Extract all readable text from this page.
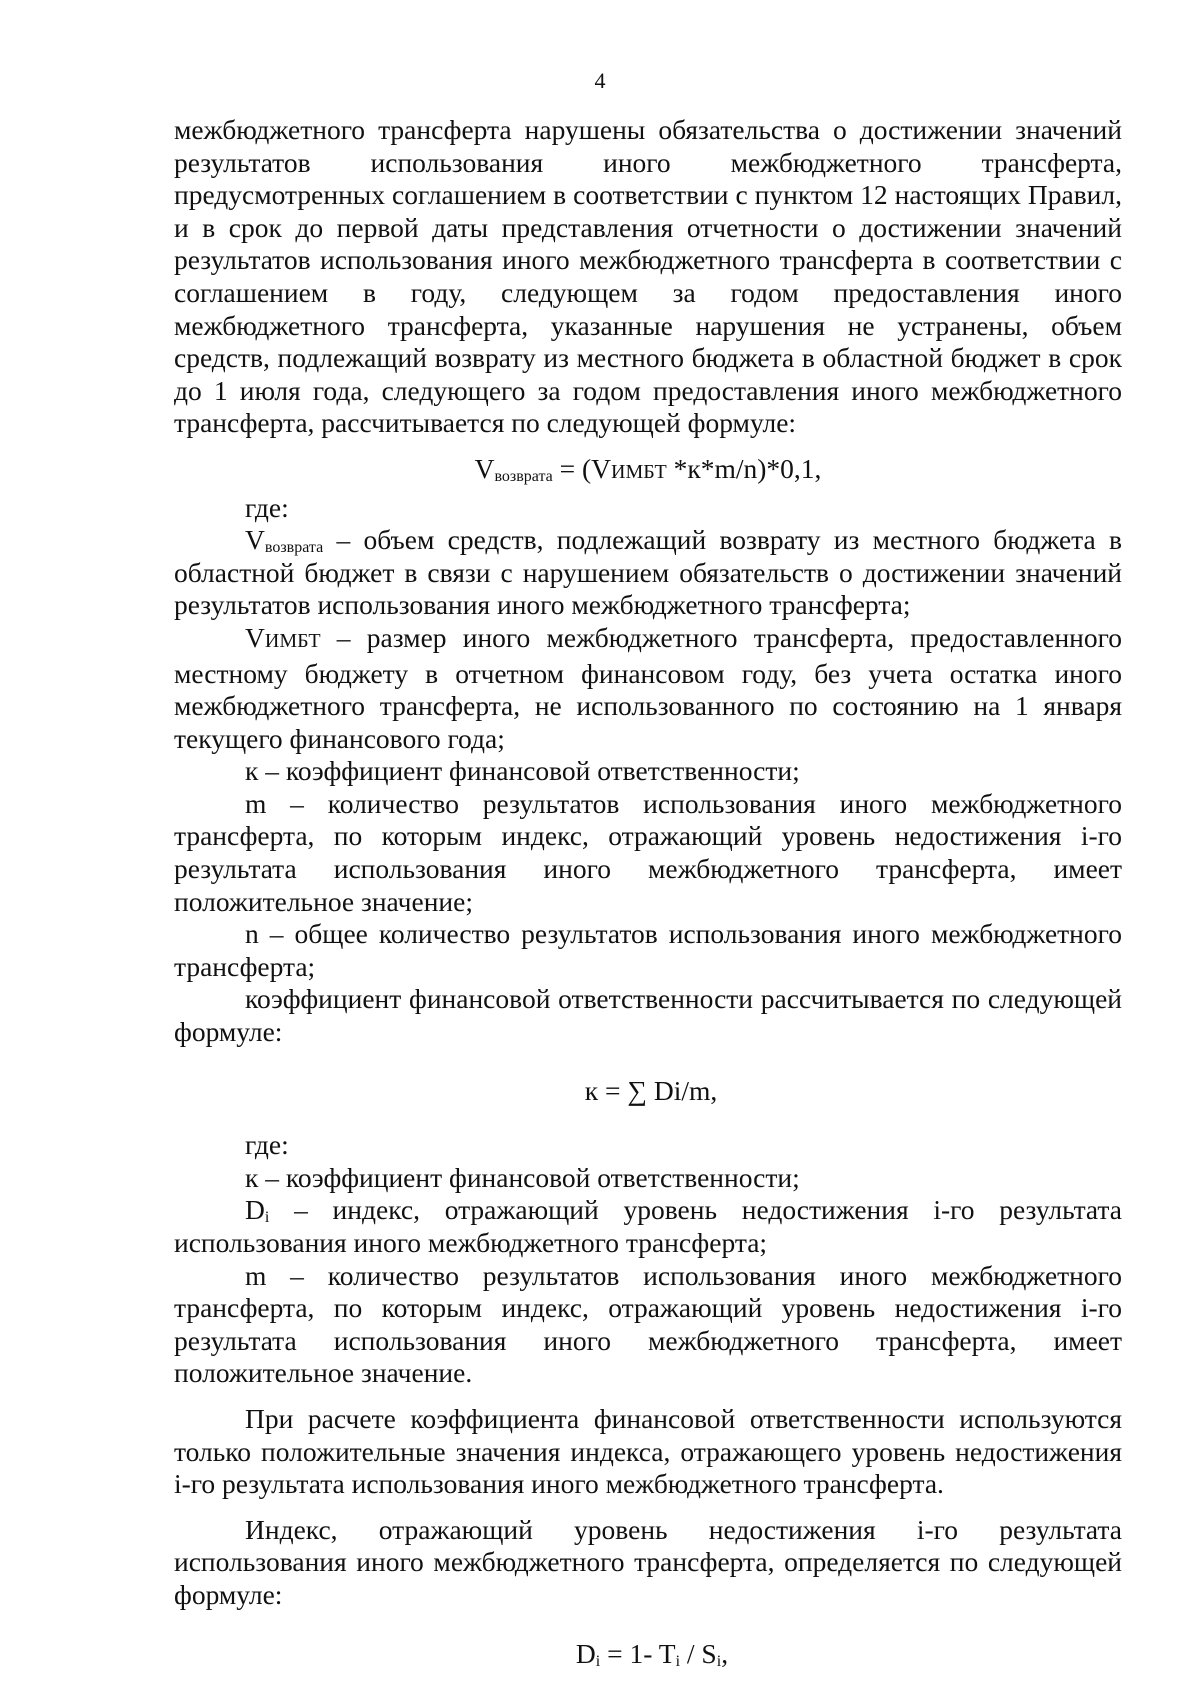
4

межбюджетного трансферта нарушены обязательства о достижении значений результатов использования иного межбюджетного трансферта, предусмотренных соглашением в соответствии с пунктом 12 настоящих Правил, и в срок до первой даты представления отчетности о достижении значений результатов использования иного межбюджетного трансферта в соответствии с соглашением в году, следующем за годом предоставления иного межбюджетного трансферта, указанные нарушения не устранены, объем средств, подлежащий возврату из местного бюджета в областной бюджет в срок до 1 июля года, следующего за годом предоставления иного межбюджетного трансферта, рассчитывается по следующей формуле:

Vвозврата = (VИМБТ *к*m/n)*0,1,

где:

Vвозврата – объем средств, подлежащий возврату из местного бюджета в областной бюджет в связи с нарушением обязательств о достижении значений результатов использования иного межбюджетного трансферта;

VИМБТ – размер иного межбюджетного трансферта, предоставленного местному бюджету в отчетном финансовом году, без учета остатка иного межбюджетного трансферта, не использованного по состоянию на 1 января текущего финансового года;

к – коэффициент финансовой ответственности;

m – количество результатов использования иного межбюджетного трансферта, по которым индекс, отражающий уровень недостижения i-го результата использования иного межбюджетного трансферта, имеет положительное значение;

n – общее количество результатов использования иного межбюджетного трансферта;

коэффициент финансовой ответственности рассчитывается по следующей формуле:

к = ∑ Di/m,

где:

к – коэффициент финансовой ответственности;

Di – индекс, отражающий уровень недостижения i-го результата использования иного межбюджетного трансферта;

m – количество результатов использования иного межбюджетного трансферта, по которым индекс, отражающий уровень недостижения i-го результата использования иного межбюджетного трансферта, имеет положительное значение.

При расчете коэффициента финансовой ответственности используются только положительные значения индекса, отражающего уровень недостижения i-го результата использования иного межбюджетного трансферта.

Индекс, отражающий уровень недостижения i-го результата использования иного межбюджетного трансферта, определяется по следующей формуле:

Di = 1- Ti / Si,
